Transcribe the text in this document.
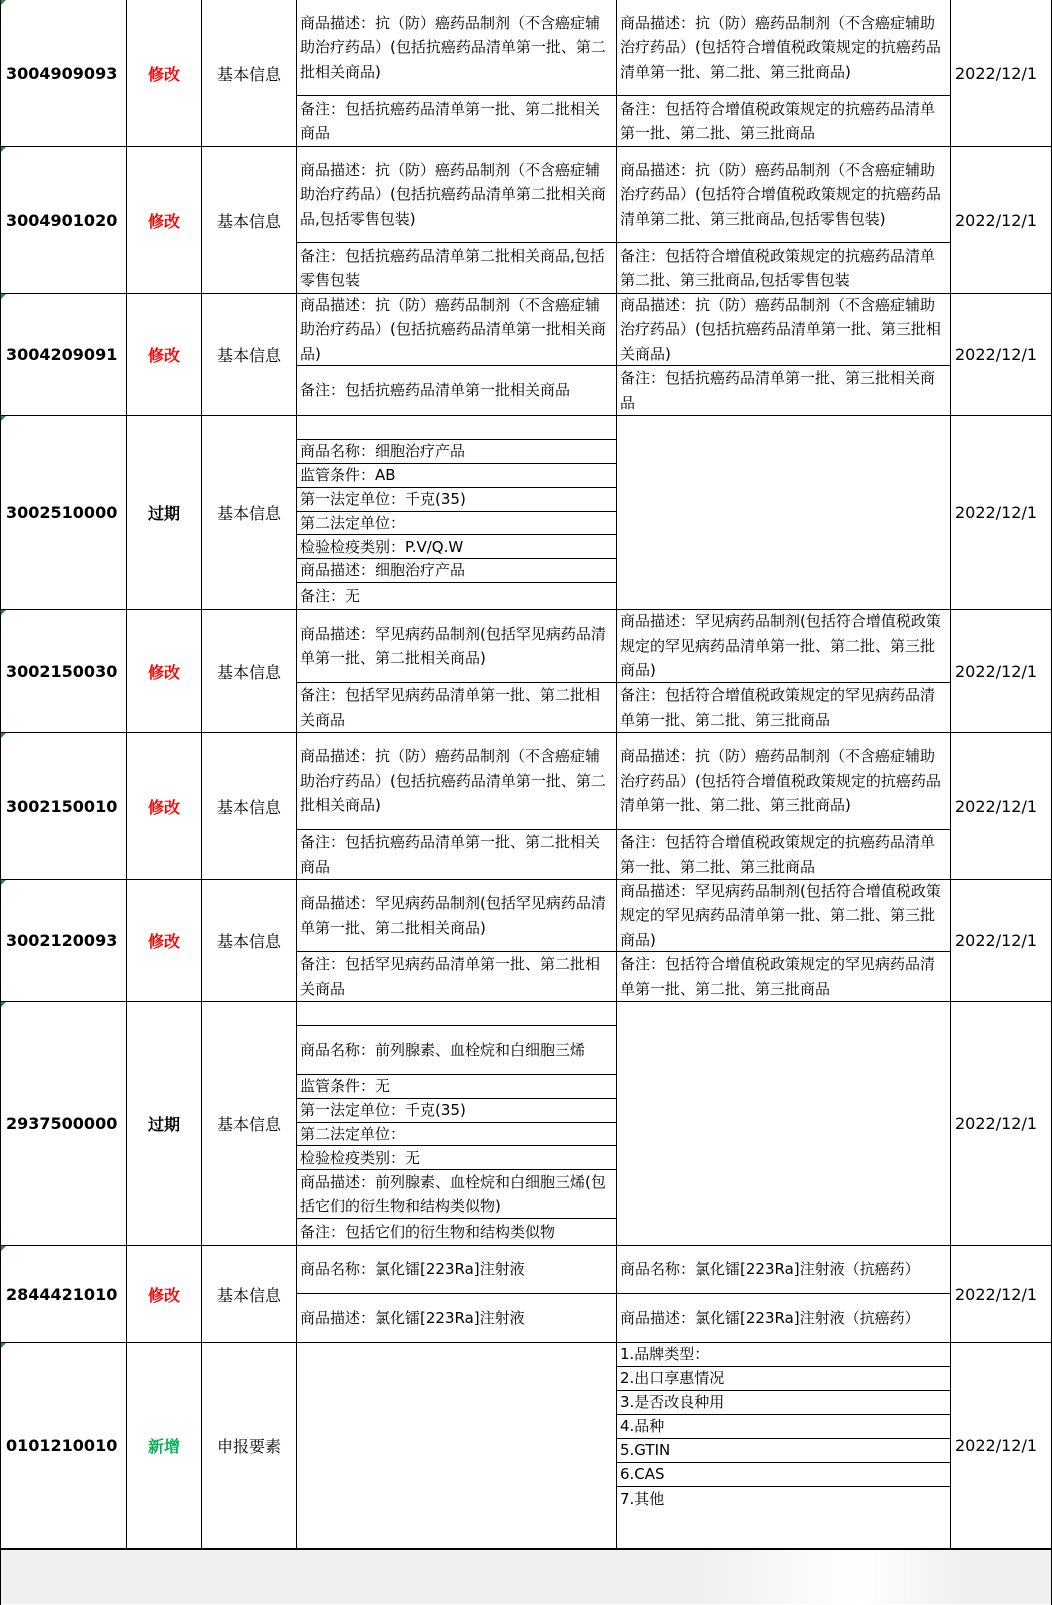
3004909093 修改 基本信息
商品描述：抗（防）癌药品制剂（不含癌症辅助治疗药品）(包括抗癌药品清单第一批、第二批相关商品)
备注：包括抗癌药品清单第一批、第二批相关商品
商品描述：抗（防）癌药品制剂（不含癌症辅助治疗药品）(包括符合增值税政策规定的抗癌药品清单第一批、第二批、第三批商品)
备注：包括符合增值税政策规定的抗癌药品清单第一批、第二批、第三批商品
2022/12/1
3004901020 修改 基本信息
商品描述：抗（防）癌药品制剂（不含癌症辅助治疗药品）(包括抗癌药品清单第二批相关商品,包括零售包装)
备注：包括抗癌药品清单第二批相关商品,包括零售包装
商品描述：抗（防）癌药品制剂（不含癌症辅助治疗药品）(包括符合增值税政策规定的抗癌药品清单第二批、第三批商品,包括零售包装)
备注：包括符合增值税政策规定的抗癌药品清单第二批、第三批商品,包括零售包装
2022/12/1
3004209091 修改 基本信息
商品描述：抗（防）癌药品制剂（不含癌症辅助治疗药品）(包括抗癌药品清单第一批相关商品)
备注：包括抗癌药品清单第一批相关商品
商品描述：抗（防）癌药品制剂（不含癌症辅助治疗药品）(包括抗癌药品清单第一批、第三批相关商品)
备注：包括抗癌药品清单第一批、第三批相关商品
2022/12/1
3002510000 过期 基本信息
商品名称：细胞治疗产品
监管条件：AB
第一法定单位：千克(35)
第二法定单位：
检验检疫类别：P.V/Q.W
商品描述：细胞治疗产品
备注：无
2022/12/1
3002150030 修改 基本信息
商品描述：罕见病药品制剂(包括罕见病药品清单第一批、第二批相关商品)
备注：包括罕见病药品清单第一批、第二批相关商品
商品描述：罕见病药品制剂(包括符合增值税政策规定的罕见病药品清单第一批、第二批、第三批商品)
备注：包括符合增值税政策规定的罕见病药品清单第一批、第二批、第三批商品
2022/12/1
3002150010 修改 基本信息
商品描述：抗（防）癌药品制剂（不含癌症辅助治疗药品）(包括抗癌药品清单第一批、第二批相关商品)
备注：包括抗癌药品清单第一批、第二批相关商品
商品描述：抗（防）癌药品制剂（不含癌症辅助治疗药品）(包括符合增值税政策规定的抗癌药品清单第一批、第二批、第三批商品)
备注：包括符合增值税政策规定的抗癌药品清单第一批、第二批、第三批商品
2022/12/1
3002120093 修改 基本信息
商品描述：罕见病药品制剂(包括罕见病药品清单第一批、第二批相关商品)
备注：包括罕见病药品清单第一批、第二批相关商品
商品描述：罕见病药品制剂(包括符合增值税政策规定的罕见病药品清单第一批、第二批、第三批商品)
备注：包括符合增值税政策规定的罕见病药品清单第一批、第二批、第三批商品
2022/12/1
2937500000 过期 基本信息
商品名称：前列腺素、血栓烷和白细胞三烯
监管条件：无
第一法定单位：千克(35)
第二法定单位：
检验检疫类别：无
商品描述：前列腺素、血栓烷和白细胞三烯(包括它们的衍生物和结构类似物)
备注：包括它们的衍生物和结构类似物
2022/12/1
2844421010 修改 基本信息
商品名称：氯化镭[223Ra]注射液
商品描述：氯化镭[223Ra]注射液
商品名称：氯化镭[223Ra]注射液（抗癌药）
商品描述：氯化镭[223Ra]注射液（抗癌药）
2022/12/1
0101210010 新增 申报要素
1.品牌类型：
2.出口享惠情况
3.是否改良种用
4.品种
5.GTIN
6.CAS
7.其他
2022/12/1
